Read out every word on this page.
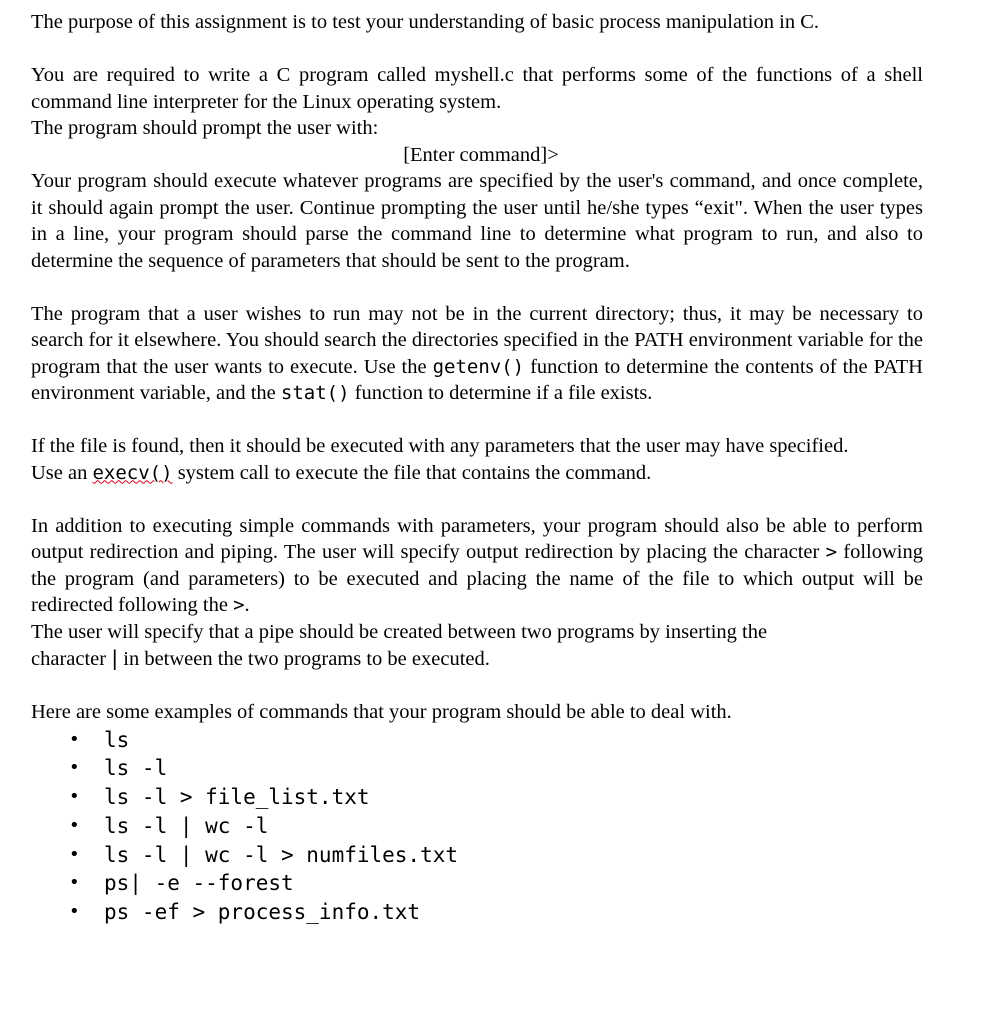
The purpose of this assignment is to test your understanding of basic process manipulation in C.

You are required to write a C program called myshell.c that performs some of the functions of a shell command line interpreter for the Linux operating system.

The program should prompt the user with:

[Enter command]>

Your program should execute whatever programs are specified by the user's command, and once complete, it should again prompt the user. Continue prompting the user until he/she types “exit". When the user types in a line, your program should parse the command line to determine what program to run, and also to determine the sequence of parameters that should be sent to the program.

The program that a user wishes to run may not be in the current directory; thus, it may be necessary to search for it elsewhere. You should search the directories specified in the PATH environment variable for the program that the user wants to execute. Use the getenv() function to determine the contents of the PATH environment variable, and the stat() function to determine if a file exists.

If the file is found, then it should be executed with any parameters that the user may have specified.

Use an execv() system call to execute the file that contains the command.

In addition to executing simple commands with parameters, your program should also be able to perform output redirection and piping. The user will specify output redirection by placing the character > following the program (and parameters) to be executed and placing the name of the file to which output will be redirected following the >.

The user will specify that a pipe should be created between two programs by inserting the

character | in between the two programs to be executed.

Here are some examples of commands that your program should be able to deal with.

• ls
• ls -l
• ls -l > file_list.txt
• ls -l | wc -l
• ls -l | wc -l > numfiles.txt
• ps| -e --forest
• ps -ef > process_info.txt
